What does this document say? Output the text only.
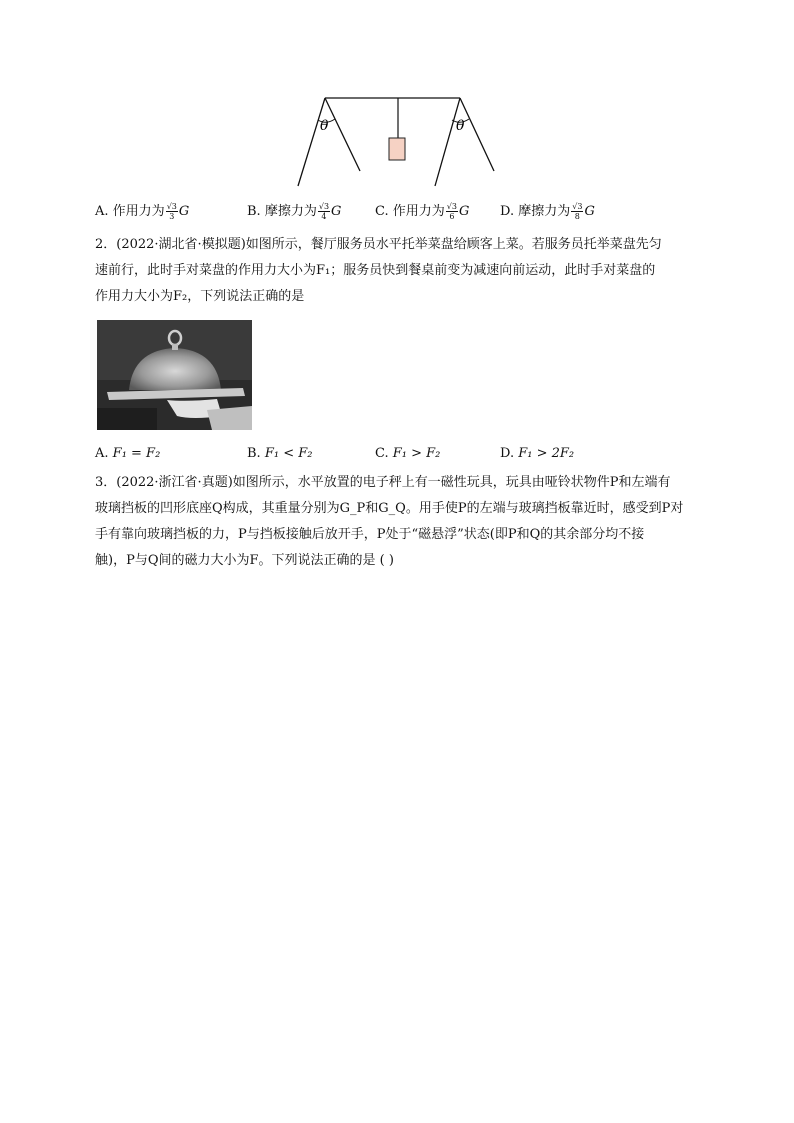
θ	θ
A. 作用力为 $\frac{√3}{3}$ G	B. 摩擦力为 $\frac{√3}{4}$ G	C. 作用力为 $\frac{√3}{6}$ G D. 摩擦力为 $\frac{√3}{8}$ G
2．(2022·湖北省·模拟题)如图所示，餐厅服务员水平托举菜盘给顾客上菜。若服务员托举菜盘先匀
速前行，此时手对菜盘的作用力大小为F₁；服务员快到餐桌前变为减速向前运动，此时手对菜盘的
作用力大小为F₂，下列说法正确的是
A. F₁ = F₂	B. F₁ < F₂	C. F₁ > F₂	D. F₁ > 2F₂
3．(2022·浙江省·真题)如图所示，水平放置的电子秤上有一磁性玩具，玩具由哑铃状物件P和左端有
玻璃挡板的凹形底座Q构成，其重量分别为G_P和G_Q。用手使P的左端与玻璃挡板靠近时，感受到P对
手有靠向玻璃挡板的力，P与挡板接触后放开手，P处于“磁悬浮”状态(即P和Q的其余部分均不接
触)，P与Q间的磁力大小为F。下列说法正确的是 ( )
